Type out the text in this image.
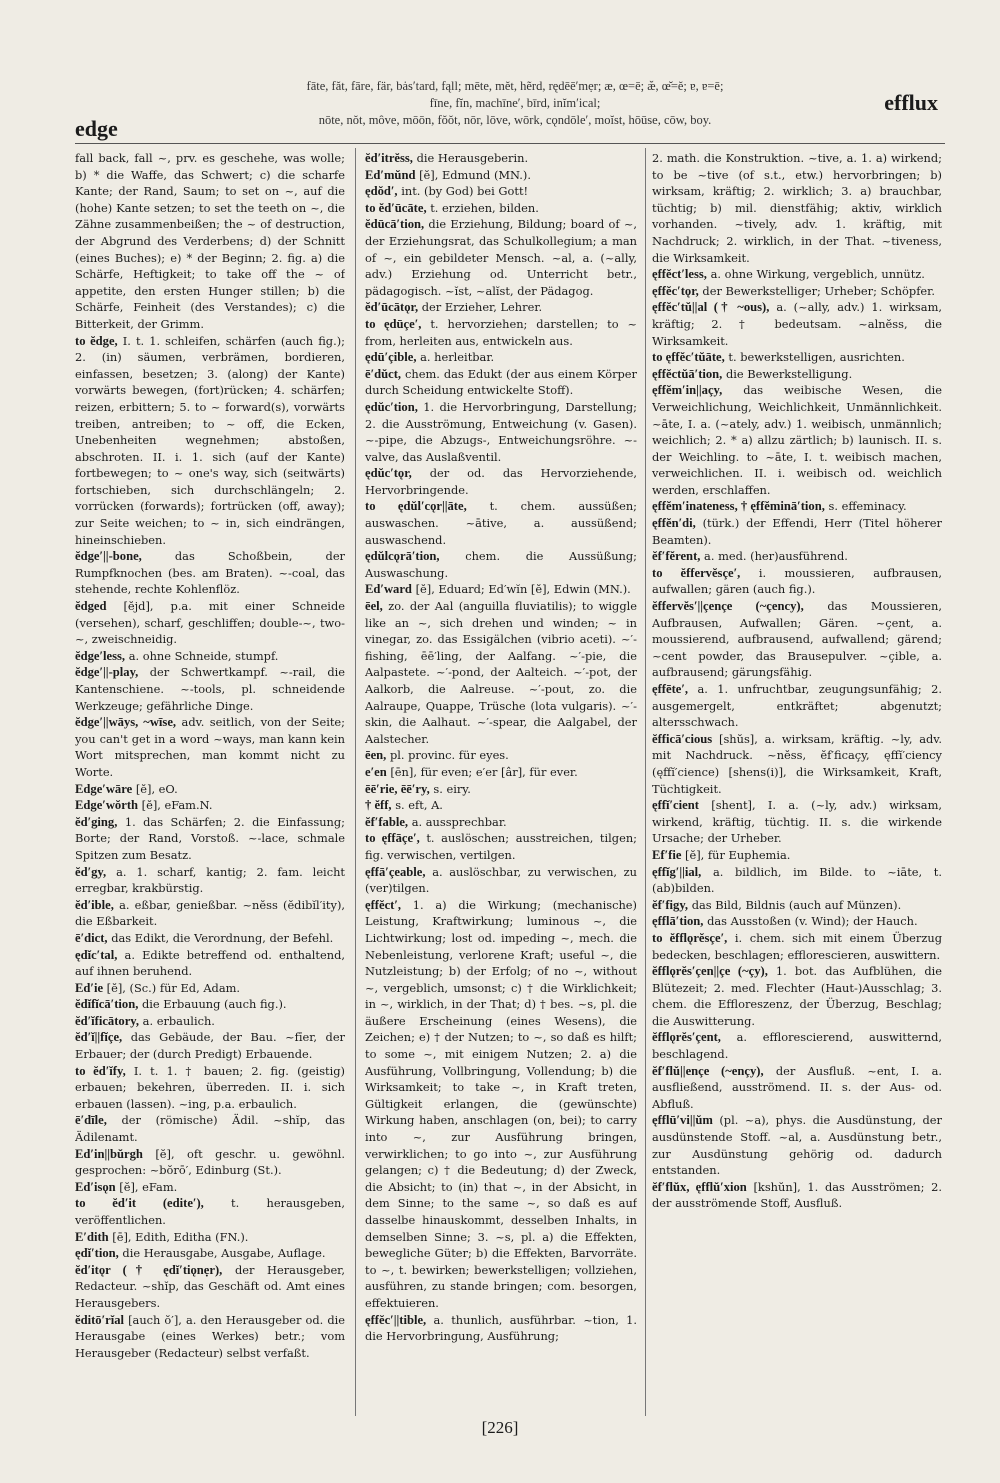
edge
fāte, făt, fāre, fär, bȧs′tard, fąll; mēte, mĕt, hẽrd, rędēē′mẹr; æ, œ=ē; æ̆, œ̆=ĕ; ɐ, ɐ=ē;
fīne, fĭn, machīne′, bīrd, inĭm′ical;
nōte, nŏt, môve, mōōn, fŏŏt, nōr, lōve, wōrk, cǫndōle′, moĭst, hōūse, cōw, boy.
efflux
fall back, fall ~, prv. es geschehe, was wolle; b) * die Waffe, das Schwert; c) die scharfe Kante; der Rand, Saum; to set on ~, auf die (hohe) Kante setzen; to set the teeth on ~, die Zähne zusammenbeißen; the ~ of destruction, der Abgrund des Verderbens; d) der Schnitt (eines Buches); e) * der Beginn; 2. fig. a) die Schärfe, Heftigkeit; to take off the ~ of appetite, den ersten Hunger stillen; b) die Schärfe, Feinheit (des Verstandes); c) die Bitterkeit, der Grimm.
to ĕdge, I. t. 1. schleifen, schärfen (auch fig.); 2. (in) säumen, verbrämen, bordieren, einfassen, besetzen; 3. (along) der Kante) vorwärts bewegen, (fort)rücken; 4. schärfen; reizen, erbittern; 5. to ~ forward(s), vorwärts treiben, antreiben; to ~ off, die Ecken, Unebenheiten wegnehmen; abstoßen, abschroten. II. i. 1. sich (auf der Kante) fortbewegen; to ~ one's way, sich (seitwärts) fortschieben, sich durchschlängeln; 2. vorrücken (forwards); fortrücken (off, away); zur Seite weichen; to ~ in, sich eindrängen, hineinschieben.
ĕdge′||-bone,	das Schoßbein, der Rumpfknochen (bes. am Braten). ~-coal, das stehende, rechte Kohlenflöz.
ĕdged [ĕjd], p.a. mit einer Schneide (versehen), scharf, geschliffen; double-~, two-~, zweischneidig.
ĕdge′less, a. ohne Schneide, stumpf.
ĕdge′||-play, der Schwertkampf. ~-rail, die Kantenschiene. ~-tools, pl. schneidende Werkzeuge; gefährliche Dinge.
ĕdge′||wāys, ~wīse, adv. seitlich, von der Seite; you can't get in a word ~ways, man kann kein Wort mitsprechen, man kommt nicht zu Worte.
Edge′wāre [ĕ], eO.
Edge′wŏrth [ĕ], eFam.N.
ĕd′ging, 1. das Schärfen; 2. die Einfassung; Borte; der Rand, Vorstoß. ~-lace, schmale Spitzen zum Besatz.
ĕd′gy, a. 1. scharf, kantig; 2. fam. leicht erregbar, krakbürstig.
ĕd′ible, a. eßbar, genießbar. ~nĕss (ĕdibĭl′ity), die Eßbarkeit.
ē′dict, das Edikt, die Verordnung, der Befehl.
ędĭc′tal, a. Edikte betreffend od. enthaltend, auf ihnen beruhend.
Ed′ie [ĕ], (Sc.) für Ed, Adam.
ĕdĭfĭcā′tion, die Erbauung (auch fig.).
ĕd′ĭficātory, a. erbaulich.
ĕd′ĭ||fĭçe, das Gebäude, der Bau. ~fīer, der Erbauer; der (durch Predigt) Erbauende.
to ĕd′ĭfy, I. t. 1. † bauen; 2. fig. (geistig) erbauen; bekehren, überreden. II. i. sich erbauen (lassen). ~ing, p.a. erbaulich.
ē′dīle, der (römische) Ädil. ~shĭp, das Ädilenamt.
Ed′in||bŭrgh [ĕ], oft geschr. u. gewöhnl. gesprochen: ~bŏrō′, Edinburg (St.).
Ed′isǫn [ĕ], eFam.
to ĕd′it (edite′), t. herausgeben, veröffentlichen.
E′dith [ē], Edith, Editha (FN.).
ędĭ′tion, die Herausgabe, Ausgabe, Auflage.
ĕd′itǫr († ędĭ′tiǫnẹr), der Herausgeber, Redacteur. ~shĭp, das Geschäft od. Amt eines Herausgebers.
ĕditō′rĭal [auch ŏ′], a. den Herausgeber od. die Herausgabe (eines Werkes) betr.; vom Herausgeber (Redacteur) selbst verfaßt.
ĕd′itrĕss, die Herausgeberin.
Ed′mŭnd [ĕ], Edmund (MN.).
ędŏd′, int. (by God) bei Gott!
to ĕd′ūcāte, t. erziehen, bilden.
ĕdūcā′tion, die Erziehung, Bildung; board of ~, der Erziehungsrat, das Schulkollegium; a man of ~, ein gebildeter Mensch. ~al, a. (~ally, adv.) Erziehung od. Unterricht betr., pädagogisch. ~ĭst, ~alĭst, der Pädagog.
ĕd′ūcātǫr, der Erzieher, Lehrer.
to ędūçe′, t. hervorziehen; darstellen; to ~ from, herleiten aus, entwickeln aus.
ędū′çible, a. herleitbar.
ē′dŭct, chem. das Edukt (der aus einem Körper durch Scheidung entwickelte Stoff).
ędŭc′tion, 1. die Hervorbringung, Darstellung; 2. die Ausströmung, Entweichung (v. Gasen). ~-pipe, die Abzugs-, Entweichungsröhre. ~-valve, das Auslaßventil.
ędŭc′tǫr, der od. das Hervorziehende, Hervorbringende.
to ędŭl′cǫr||āte, t. chem. aussüßen; auswaschen. ~ātive, a. aussüßend; auswaschend.
ędŭlcǫrā′tion, chem. die Aussüßung; Auswaschung.
Ed′ward [ĕ], Eduard; Ed′wĭn [ĕ], Edwin (MN.).
ēel, zo. der Aal (anguilla fluviatilis); to wiggle like an ~, sich drehen und winden; ~ in vinegar, zo. das Essigälchen (vibrio aceti). ~′-fishing, ēē′ling, der Aalfang. ~′-pie, die Aalpastete. ~′-pond, der Aalteich. ~′-pot, der Aalkorb, die Aalreuse. ~′-pout, zo. die Aalraupe, Quappe, Trüsche (lota vulgaris). ~′-skin, die Aalhaut. ~′-spear, die Aalgabel, der Aalstecher.
ēen, pl. provinc. für eyes.
e′en [ēn], für even; e′er [âr], für ever.
ēē′rie, ēē′ry, s. eiry.
† ĕff, s. eft, A.
ĕf′fable, a. aussprechbar.
to ęffāçe′, t. auslöschen; ausstreichen, tilgen; fig. verwischen, vertilgen.
ęffā′çeable, a. auslöschbar, zu verwischen, zu (ver)tilgen.
ęffĕct′, 1. a) die Wirkung; (mechanische) Leistung, Kraftwirkung; luminous ~, die Lichtwirkung; lost od. impeding ~, mech. die Nebenleistung, verlorene Kraft; useful ~, die Nutzleistung; b) der Erfolg; of no ~, without ~, vergeblich, umsonst; c) † die Wirklichkeit; in ~, wirklich, in der That; d) † bes. ~s, pl. die äußere Erscheinung (eines Wesens), die Zeichen; e) † der Nutzen; to ~, so daß es hilft; to some ~, mit einigem Nutzen; 2. a) die Ausführung, Vollbringung, Vollendung; b) die Wirksamkeit; to take ~, in Kraft treten, Gültigkeit erlangen, die (gewünschte) Wirkung haben, anschlagen (on, bei); to carry into ~, zur Ausführung bringen, verwirklichen; to go into ~, zur Ausführung gelangen; c) † die Bedeutung; d) der Zweck, die Absicht; to (in) that ~, in der Absicht, in dem Sinne; to the same ~, so daß es auf dasselbe hinauskommt, desselben Inhalts, in demselben Sinne; 3. ~s, pl. a) die Effekten, bewegliche Güter; b) die Effekten, Barvorräte. to ~, t. bewirken; bewerkstelligen; vollziehen, ausführen, zu stande bringen; com. besorgen, effektuieren.
ęffĕc′||tible, a. thunlich, ausführbar. ~tion, 1. die Hervorbringung, Ausführung;
2. math. die Konstruktion. ~tive, a. 1. a) wirkend; to be ~tive (of s.t., etw.) hervorbringen; b) wirksam, kräftig; 2. wirklich; 3. a) brauchbar, tüchtig; b) mil. dienstfähig; aktiv, wirklich vorhanden. ~tively, adv. 1. kräftig, mit Nachdruck; 2. wirklich, in der That. ~tiveness, die Wirksamkeit.
ęffĕct′less, a. ohne Wirkung, vergeblich, unnütz.
ęffĕc′tǫr, der Bewerkstelliger; Urheber; Schöpfer.
ęffĕc′tŭ||al († ~ous), a. (~ally, adv.) 1. wirksam, kräftig; 2. † bedeutsam. ~alnĕss, die Wirksamkeit.
to ęffĕc′tŭāte, t. bewerkstelligen, ausrichten.
ęffĕctŭā′tion, die Bewerkstelligung.
ęffĕm′in||açy, das weibische Wesen, die Verweichlichung, Weichlichkeit, Unmännlichkeit. ~āte, I. a. (~ately, adv.) 1. weibisch, unmännlich; weichlich; 2. * a) allzu zärtlich; b) launisch. II. s. der Weichling. to ~āte, I. t. weibisch machen, verweichlichen. II. i. weibisch od. weichlich werden, erschlaffen.
ęffĕm′inateness, † ęffĕminā′tion, s. effeminacy.
ęffĕn′di, (türk.) der Effendi, Herr (Titel höherer Beamten).
ĕf′fĕrent, a. med. (her)ausführend.
to ĕffervĕsçe′, i. moussieren, aufbrausen, aufwallen; gären (auch fig.).
ĕffervĕs′||çençe (~çency), das Moussieren, Aufbrausen, Aufwallen; Gären. ~çent, a. moussierend, aufbrausend, aufwallend; gärend; ~cent powder, das Brausepulver. ~çible, a. aufbrausend; gärungsfähig.
ęffēte′, a. 1. unfruchtbar, zeugungsunfähig; 2. ausgemergelt, entkräftet; abgenutzt; altersschwach.
ĕfficā′cious [shŭs], a. wirksam, kräftig. ~ly, adv. mit Nachdruck. ~nĕss, ĕf′ficaçy, ęffĭ′ciency (ęffĭ′cience) [shens(i)], die Wirksamkeit, Kraft, Tüchtigkeit.
ęffĭ′cient [shent], I. a. (~ly, adv.) wirksam, wirkend, kräftig, tüchtig. II. s. die wirkende Ursache; der Urheber.
Ef′fie [ĕ], für Euphemia.
ęffĭg′||ial, a. bildlich, im Bilde. to ~iāte, t. (ab)bilden.
ĕf′figy, das Bild, Bildnis (auch auf Münzen).
ęfflā′tion, das Ausstoßen (v. Wind); der Hauch.
to ĕfflǫrĕsçe′, i. chem. sich mit einem Überzug bedecken, beschlagen; efflorescieren, auswittern.
ĕfflǫrĕs′çen||çe (~çy), 1. bot. das Aufblühen, die Blütezeit; 2. med. Flechter (Haut-)Ausschlag; 3. chem. die Effloreszenz, der Überzug, Beschlag; die Auswitterung.
ĕfflǫrĕs′çent, a. efflorescierend, auswitternd, beschlagend.
ĕf′flŭ||ençe (~ençy), der Ausfluß. ~ent, I. a. ausfließend, ausströmend. II. s. der Aus- od. Abfluß.
ęfflū′vi||ŭm (pl. ~a), phys. die Ausdünstung, der ausdünstende Stoff. ~al, a. Ausdünstung betr., zur Ausdünstung gehörig od. dadurch entstanden.
ĕf′flŭx, ęfflŭ′xion [kshŭn], 1. das Ausströmen; 2. der ausströmende Stoff, Ausfluß.
[226]
